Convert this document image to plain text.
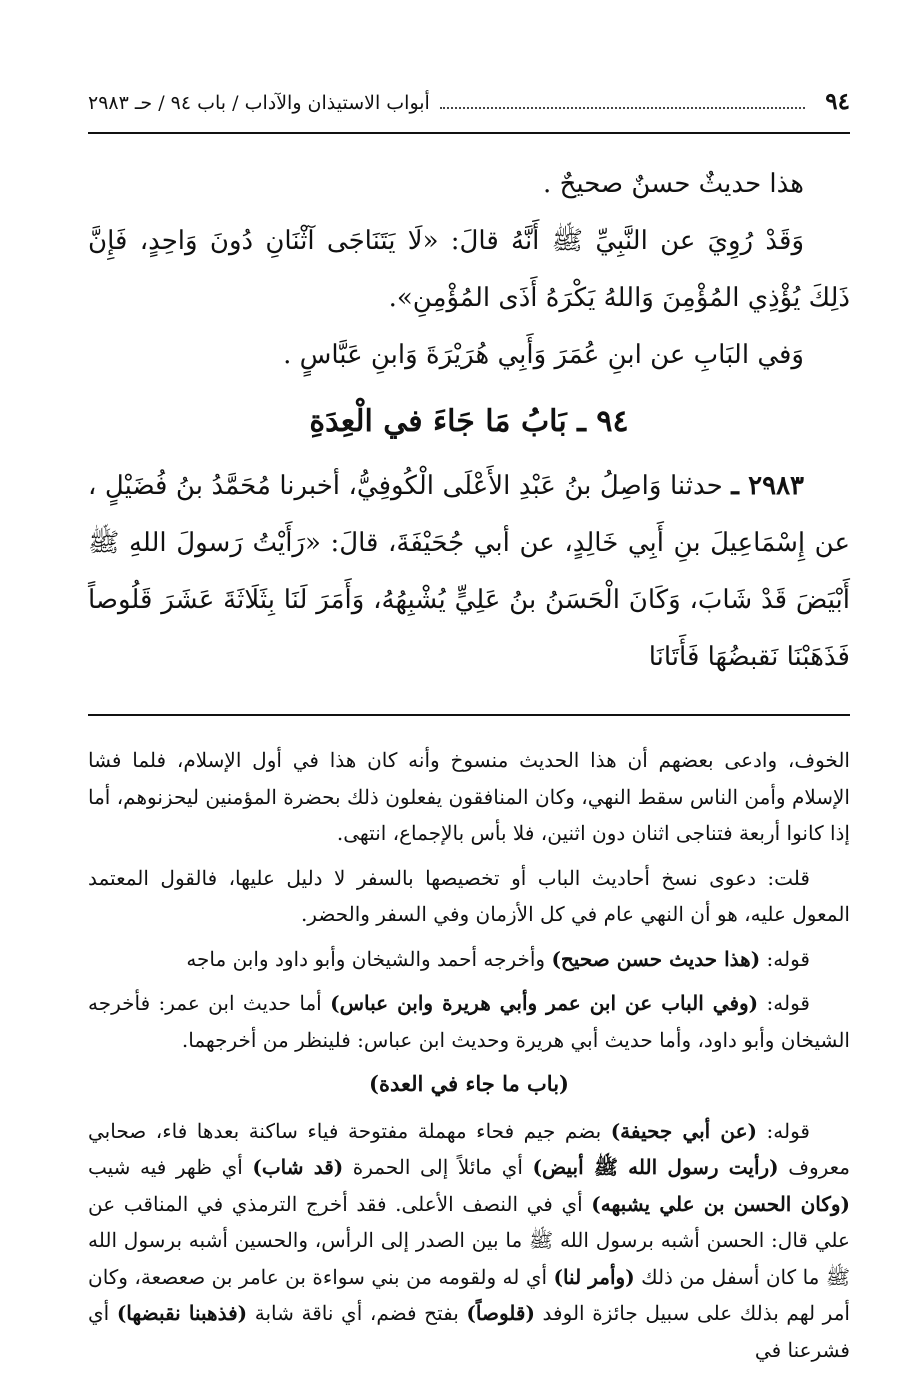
٩٤
أبواب الاستيذان والآداب / باب ٩٤ / حـ ٢٩٨٣

هذا حديثٌ حسنٌ صحيحٌ .

وَقَدْ رُوِيَ عن النَّبِيِّ ﷺ أَنَّهُ قالَ: «لَا يَتَنَاجَى آثْنَانِ دُونَ وَاحِدٍ، فَإِنَّ ذَلِكَ يُؤْذِي المُؤْمِنَ وَاللهُ يَكْرَهُ أَذَى المُؤْمِنِ».

وَفي البَابِ عن ابنِ عُمَرَ وَأَبِي هُرَيْرَةَ وَابنِ عَبَّاسٍ .

٩٤ ـ بَابُ مَا جَاءَ في الْعِدَةِ

٢٩٨٣ ـ حدثنا وَاصِلُ بنُ عَبْدِ الأَعْلَى الْكُوفِيُّ، أخبرنا مُحَمَّدُ بنُ فُضَيْلٍ ، عن إِسْمَاعِيلَ بنِ أَبِي خَالِدٍ، عن أبي جُحَيْفَةَ، قالَ: «رَأَيْتُ رَسولَ اللهِ ﷺ أَبْيَضَ قَدْ شَابَ، وَكَانَ الْحَسَنُ بنُ عَلِيٍّ يُشْبِهُهُ، وَأَمَرَ لَنَا بِثَلَاثَةَ عَشَرَ قَلُوصاً فَذَهَبْنَا نَقبضُهَا فَأَتَانَا

الخوف، وادعى بعضهم أن هذا الحديث منسوخ وأنه كان هذا في أول الإسلام، فلما فشا الإسلام وأمن الناس سقط النهي، وكان المنافقون يفعلون ذلك بحضرة المؤمنين ليحزنوهم، أما إذا كانوا أربعة فتناجى اثنان دون اثنين، فلا بأس بالإجماع، انتهى.

قلت: دعوى نسخ أحاديث الباب أو تخصيصها بالسفر لا دليل عليها، فالقول المعتمد المعول عليه، هو أن النهي عام في كل الأزمان وفي السفر والحضر.

قوله: (هذا حديث حسن صحيح) وأخرجه أحمد والشيخان وأبو داود وابن ماجه

قوله: (وفي الباب عن ابن عمر وأبي هريرة وابن عباس) أما حديث ابن عمر: فأخرجه الشيخان وأبو داود، وأما حديث أبي هريرة وحديث ابن عباس: فلينظر من أخرجهما.

(باب ما جاء في العدة)

قوله: (عن أبي جحيفة) بضم جيم فحاء مهملة مفتوحة فياء ساكنة بعدها فاء، صحابي معروف (رأيت رسول الله ﷺ أبيض) أي مائلاً إلى الحمرة (قد شاب) أي ظهر فيه شيب (وكان الحسن بن علي يشبهه) أي في النصف الأعلى. فقد أخرج الترمذي في المناقب عن علي قال: الحسن أشبه برسول الله ﷺ ما بين الصدر إلى الرأس، والحسين أشبه برسول الله ﷺ ما كان أسفل من ذلك (وأمر لنا) أي له ولقومه من بني سواءة بن عامر بن صعصعة، وكان أمر لهم بذلك على سبيل جائزة الوفد (قلوصاً) بفتح فضم، أي ناقة شابة (فذهبنا نقبضها) أي فشرعنا في
